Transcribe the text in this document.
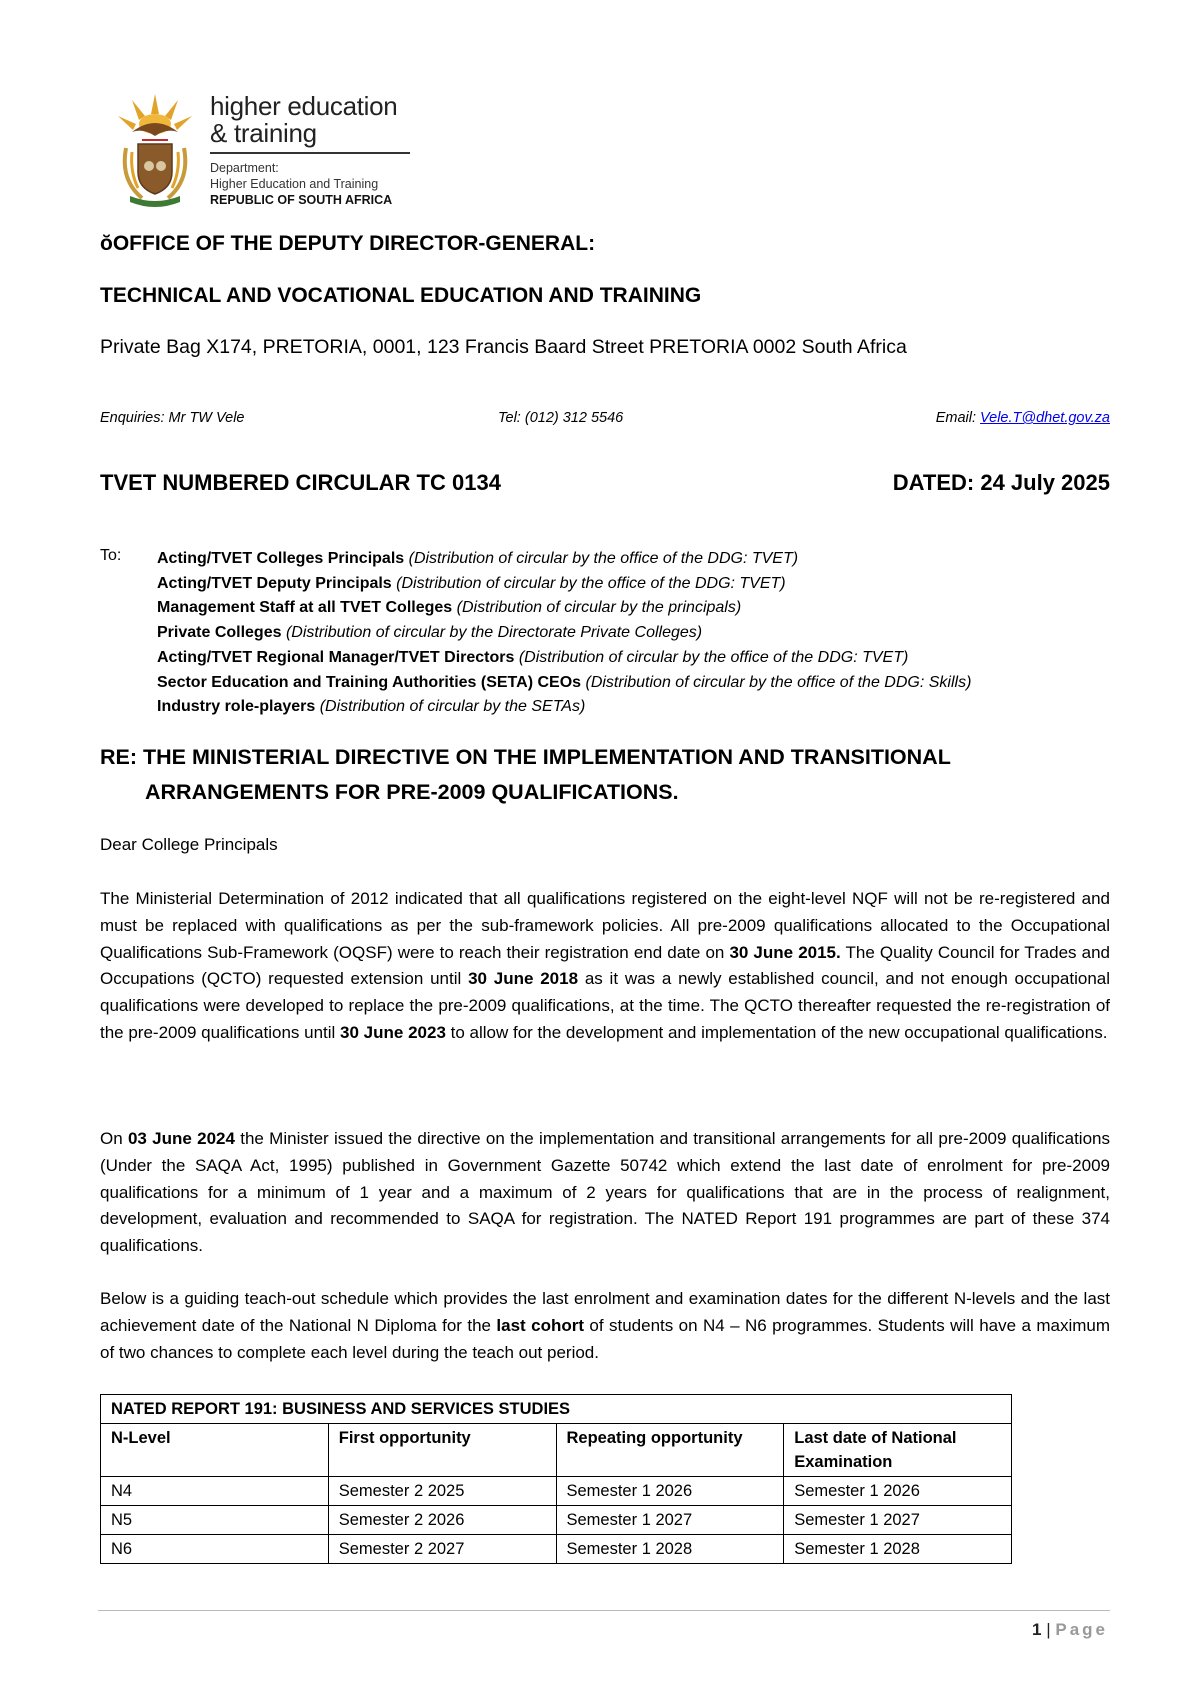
higher education
& training
Department:
Higher Education and Training
REPUBLIC OF SOUTH AFRICA
ŏOFFICE OF THE DEPUTY DIRECTOR-GENERAL:
TECHNICAL AND VOCATIONAL EDUCATION AND TRAINING
Private Bag X174, PRETORIA, 0001, 123 Francis Baard Street PRETORIA 0002 South Africa
Enquiries: Mr TW Vele	Tel: (012) 312 5546	Email: Vele.T@dhet.gov.za
TVET NUMBERED CIRCULAR TC 0134	DATED: 24 July 2025
To: Acting/TVET Colleges Principals (Distribution of circular by the office of the DDG: TVET)
Acting/TVET Deputy Principals (Distribution of circular by the office of the DDG: TVET)
Management Staff at all TVET Colleges (Distribution of circular by the principals)
Private Colleges (Distribution of circular by the Directorate Private Colleges)
Acting/TVET Regional Manager/TVET Directors (Distribution of circular by the office of the DDG: TVET)
Sector Education and Training Authorities (SETA) CEOs (Distribution of circular by the office of the DDG: Skills)
Industry role-players (Distribution of circular by the SETAs)
RE: THE MINISTERIAL DIRECTIVE ON THE IMPLEMENTATION AND TRANSITIONAL
ARRANGEMENTS FOR PRE-2009 QUALIFICATIONS.
Dear College Principals
The Ministerial Determination of 2012 indicated that all qualifications registered on the eight-level NQF will not be re-registered and must be replaced with qualifications as per the sub-framework policies. All pre-2009 qualifications allocated to the Occupational Qualifications Sub-Framework (OQSF) were to reach their registration end date on 30 June 2015. The Quality Council for Trades and Occupations (QCTO) requested extension until 30 June 2018 as it was a newly established council, and not enough occupational qualifications were developed to replace the pre-2009 qualifications, at the time. The QCTO thereafter requested the re-registration of the pre-2009 qualifications until 30 June 2023 to allow for the development and implementation of the new occupational qualifications.
On 03 June 2024 the Minister issued the directive on the implementation and transitional arrangements for all pre-2009 qualifications (Under the SAQA Act, 1995) published in Government Gazette 50742 which extend the last date of enrolment for pre-2009 qualifications for a minimum of 1 year and a maximum of 2 years for qualifications that are in the process of realignment, development, evaluation and recommended to SAQA for registration. The NATED Report 191 programmes are part of these 374 qualifications.
Below is a guiding teach-out schedule which provides the last enrolment and examination dates for the different N-levels and the last achievement date of the National N Diploma for the last cohort of students on N4 – N6 programmes. Students will have a maximum of two chances to complete each level during the teach out period.
NATED REPORT 191: BUSINESS AND SERVICES STUDIES			
N-Level	First opportunity	Repeating opportunity	Last date of National Examination
N4	Semester 2 2025	Semester 1 2026	Semester 1 2026
N5	Semester 2 2026	Semester 1 2027	Semester 1 2027
N6	Semester 2 2027	Semester 1 2028	Semester 1 2028
1 | Page
